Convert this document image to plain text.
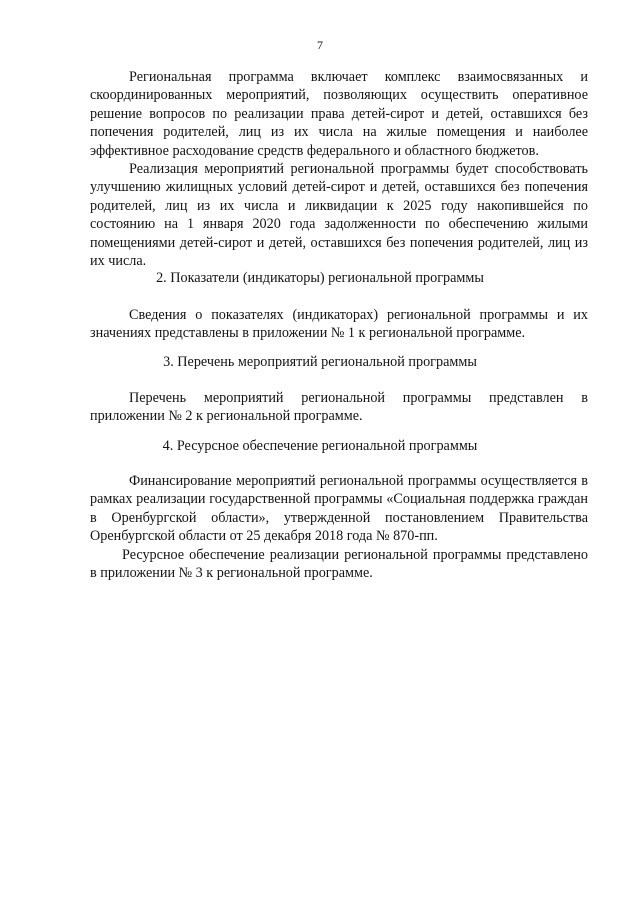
7

Региональная программа включает комплекс взаимосвязанных и скоординированных мероприятий, позволяющих осуществить оперативное решение вопросов по реализации права детей-сирот и детей, оставшихся без попечения родителей, лиц из их числа на жилые помещения и наиболее эффективное расходование средств федерального и областного бюджетов.

Реализация мероприятий региональной программы будет способствовать улучшению жилищных условий детей-сирот и детей, оставшихся без попечения родителей, лиц из их числа и ликвидации к 2025 году накопившейся по состоянию на 1 января 2020 года задолженности по обеспечению жилыми помещениями детей-сирот и детей, оставшихся без попечения родителей, лиц из их числа.

2. Показатели (индикаторы) региональной программы

Сведения о показателях (индикаторах) региональной программы и их значениях представлены в приложении № 1 к региональной программе.

3. Перечень мероприятий региональной программы

Перечень мероприятий региональной программы представлен в приложении № 2 к региональной программе.

4. Ресурсное обеспечение региональной программы

Финансирование мероприятий региональной программы осуществляется в рамках реализации государственной программы «Социальная поддержка граждан в Оренбургской области», утвержденной постановлением Правительства Оренбургской области от 25 декабря 2018 года № 870-пп.

Ресурсное обеспечение реализации региональной программы представлено в приложении № 3 к региональной программе.
